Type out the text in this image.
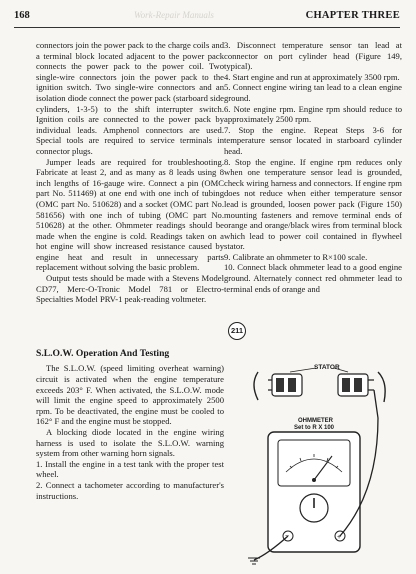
168	Work-Repair Manuals	CHAPTER THREE

connectors join the power pack to the charge coils and a terminal block located adjacent to the power pack connects the power pack to the power coil. Two single-wire connectors join the power pack to the ignition switch. Two single-wire connectors and an isolation diode connect the power pack (starboard side cylinders, 1-3-5) to the shift interrupter switch. Ignition coils are connected to the power pack by individual leads. Amphenol connectors are used. Special tools are required to service terminals in connector plugs.

Jumper leads are required for troubleshooting. Fabricate at least 2, and as many as 8 leads using 8 inch lengths of 16-gauge wire. Connect a pin (OMC part No. 511469) at one end with one inch of tubing (OMC part No. 510628) and a socket (OMC part No. 581656) with one inch of tubing (OMC part No. 510628) at the other. Ohmmeter readings should be made when the engine is cold. Readings taken on a hot engine will show increased resistance caused by engine heat and result in unnecessary parts replacement without solving the basic problem.

Output tests should be made with a Stevens Model CD77, Merc-O-Tronic Model 781 or Electro-Specialties Model PRV-1 peak-reading voltmeter.

S.L.O.W. Operation And Testing

The S.L.O.W. (speed limiting overheat warning) circuit is activated when the engine temperature exceeds 203° F. When activated, the S.L.O.W. mode will limit the engine speed to approximately 2500 rpm. To be deactivated, the engine must be cooled to 162° F and the engine must be stopped.

A blocking diode located in the engine wiring harness is used to isolate the S.L.O.W. warning system from other warning horn signals.

1. Install the engine in a test tank with the proper test wheel.

2. Connect a tachometer according to manufacturer's instructions.

3. Disconnect temperature sensor tan lead at connector on port cylinder head (Figure 149, typical).

4. Start engine and run at approximately 3500 rpm.

5. Connect engine wiring tan lead to a clean engine ground.

6. Note engine rpm. Engine rpm should reduce to approximately 2500 rpm.

7. Stop the engine. Repeat Steps 3-6 for temperature sensor located in starboard cylinder head.

8. Stop the engine. If engine rpm reduces only when one temperature sensor lead is grounded, check wiring harness and connectors. If engine rpm does not reduce when either temperature sensor lead is grounded, loosen power pack (Figure 150) mounting fasteners and remove terminal ends of orange and orange/black wires from terminal block which lead to power coil contained in flywheel stator.

9. Calibrate an ohmmeter to R×100 scale.

10. Connect black ohmmeter lead to a good engine ground. Alternately connect red ohmmeter lead to terminal ends of orange and

−	+
211
STATOR
OHMMETER
Set to R X 100
